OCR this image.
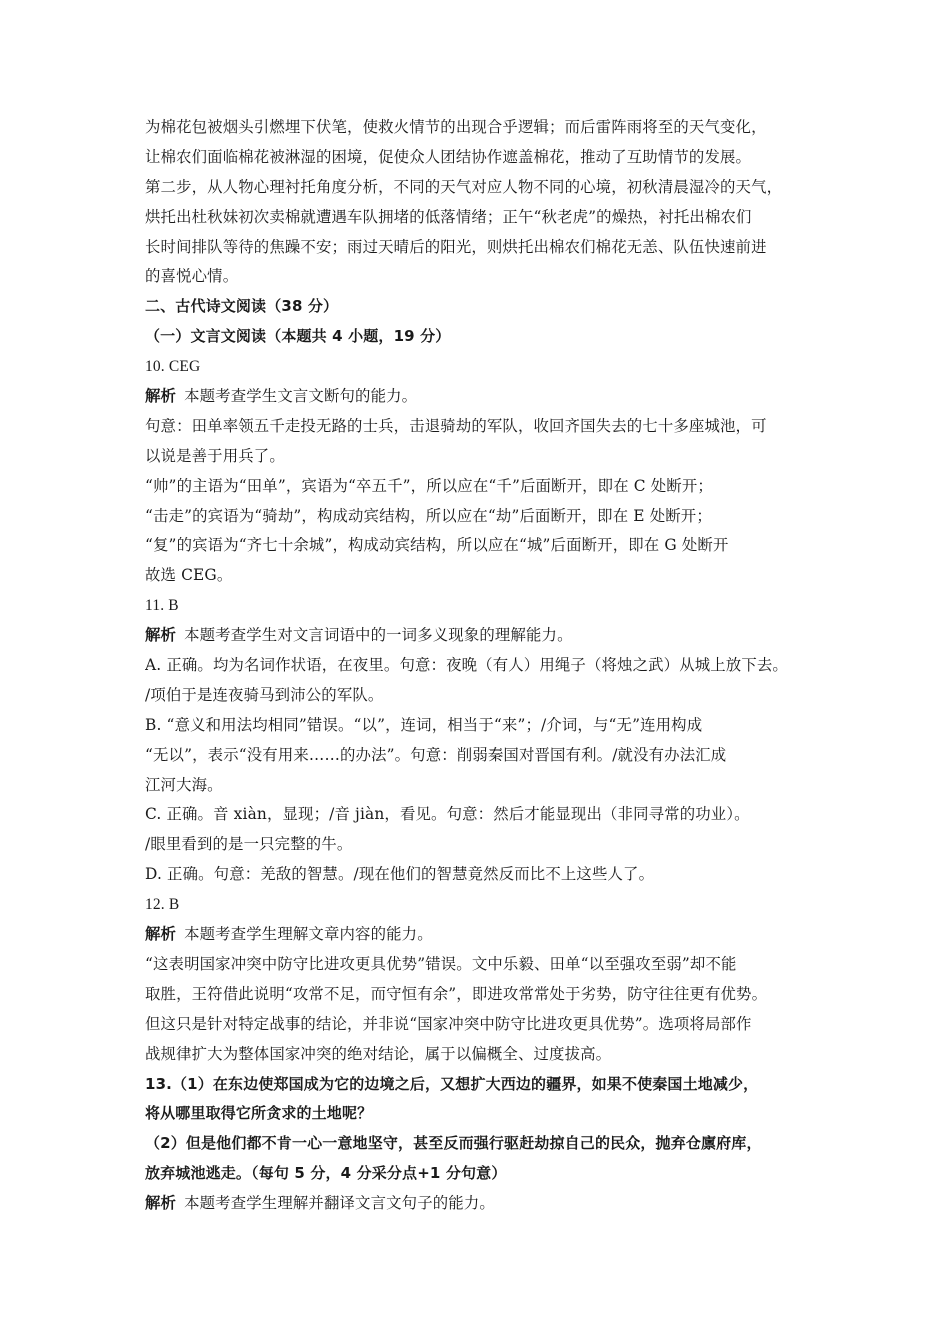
为棉花包被烟头引燃埋下伏笔，使救火情节的出现合乎逻辑；而后雷阵雨将至的天气变化，
让棉农们面临棉花被淋湿的困境，促使众人团结协作遮盖棉花，推动了互助情节的发展。
第二步，从人物心理衬托角度分析，不同的天气对应人物不同的心境，初秋清晨湿冷的天气，
烘托出杜秋妹初次卖棉就遭遇车队拥堵的低落情绪；正午“秋老虎”的燥热，衬托出棉农们
长时间排队等待的焦躁不安；雨过天晴后的阳光，则烘托出棉农们棉花无恙、队伍快速前进
的喜悦心情。
二、古代诗文阅读（38 分）
（一）文言文阅读（本题共 4 小题，19 分）
10. CEG
解析 本题考查学生文言文断句的能力。
句意：田单率领五千走投无路的士兵，击退骑劫的军队，收回齐国失去的七十多座城池，可
以说是善于用兵了。
“帅”的主语为“田单”，宾语为“卒五千”，所以应在“千”后面断开，即在 C 处断开；
“击走”的宾语为“骑劫”，构成动宾结构，所以应在“劫”后面断开，即在 E 处断开；
“复”的宾语为“齐七十余城”，构成动宾结构，所以应在“城”后面断开，即在 G 处断开
故选 CEG。
11. B
解析 本题考查学生对文言词语中的一词多义现象的理解能力。
A. 正确。均为名词作状语，在夜里。句意：夜晚（有人）用绳子（将烛之武）从城上放下去。
/项伯于是连夜骑马到沛公的军队。
B. “意义和用法均相同”错误。“以”，连词，相当于“来”；/介词，与“无”连用构成
“无以”，表示“没有用来……的办法”。句意：削弱秦国对晋国有利。/就没有办法汇成
江河大海。
C. 正确。音 xiàn，显现；/音 jiàn，看见。句意：然后才能显现出（非同寻常的功业）。
/眼里看到的是一只完整的牛。
D. 正确。句意：羌敌的智慧。/现在他们的智慧竟然反而比不上这些人了。
12. B
解析 本题考查学生理解文章内容的能力。
“这表明国家冲突中防守比进攻更具优势”错误。文中乐毅、田单“以至强攻至弱”却不能
取胜，王符借此说明“攻常不足，而守恒有余”，即进攻常常处于劣势，防守往往更有优势。
但这只是针对特定战事的结论，并非说“国家冲突中防守比进攻更具优势”。选项将局部作
战规律扩大为整体国家冲突的绝对结论，属于以偏概全、过度拔高。
13.（1）在东边使郑国成为它的边境之后，又想扩大西边的疆界，如果不使秦国土地减少，
将从哪里取得它所贪求的土地呢？
（2）但是他们都不肯一心一意地坚守，甚至反而强行驱赶劫掠自己的民众，抛弃仓廪府库，
放弃城池逃走。（每句 5 分，4 分采分点+1 分句意）
解析 本题考查学生理解并翻译文言文句子的能力。
